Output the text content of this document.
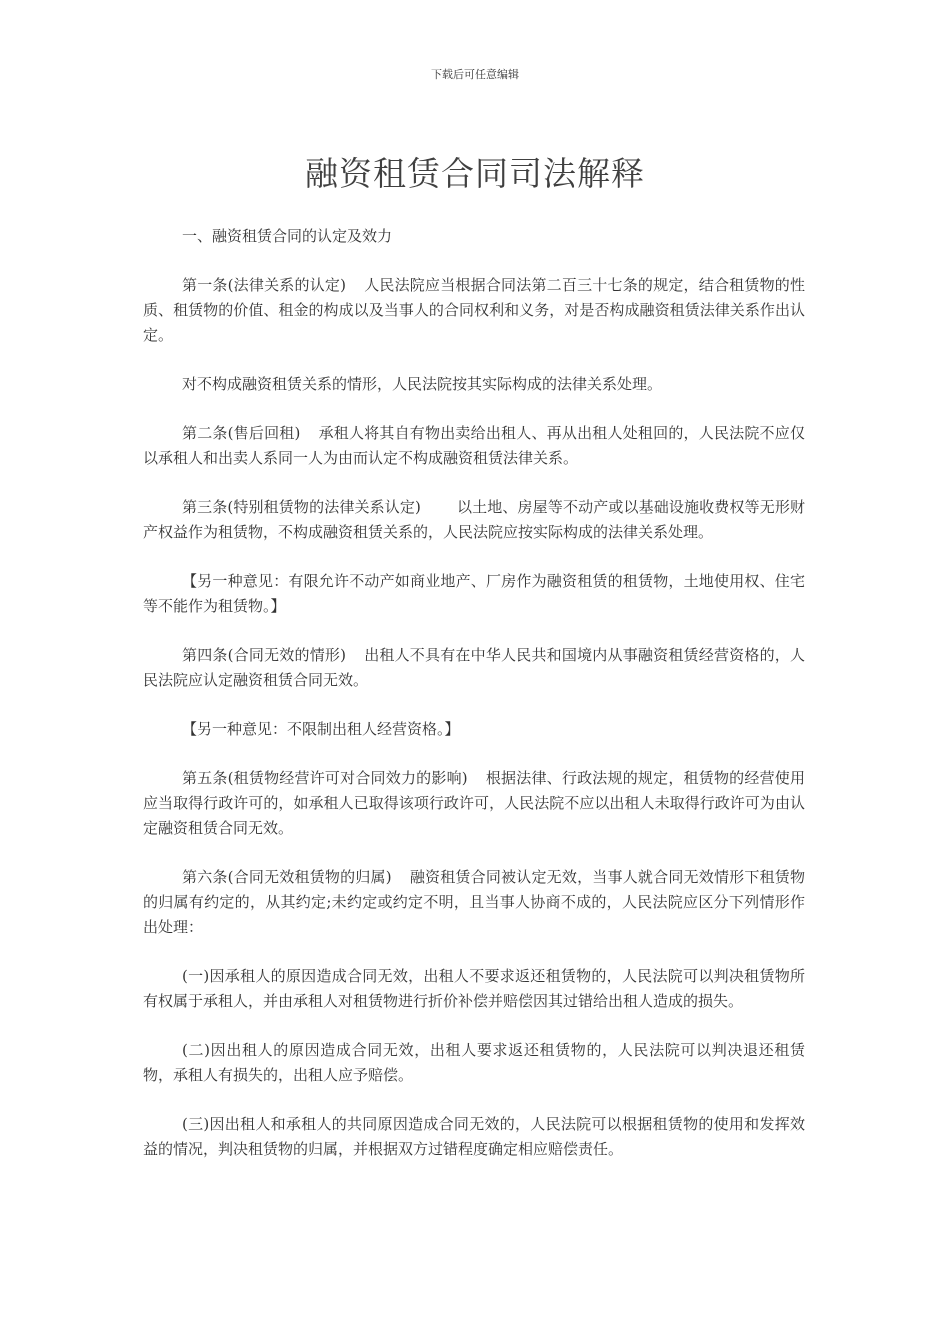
下载后可任意编辑
融资租赁合同司法解释

一、融资租赁合同的认定及效力

第一条(法律关系的认定) 人民法院应当根据合同法第二百三十七条的规定，结合租赁物的性质、租赁物的价值、租金的构成以及当事人的合同权利和义务，对是否构成融资租赁法律关系作出认定。

对不构成融资租赁关系的情形，人民法院按其实际构成的法律关系处理。

第二条(售后回租) 承租人将其自有物出卖给出租人、再从出租人处租回的，人民法院不应仅以承租人和出卖人系同一人为由而认定不构成融资租赁法律关系。

第三条(特别租赁物的法律关系认定) 以土地、房屋等不动产或以基础设施收费权等无形财产权益作为租赁物，不构成融资租赁关系的，人民法院应按实际构成的法律关系处理。

【另一种意见：有限允许不动产如商业地产、厂房作为融资租赁的租赁物，土地使用权、住宅等不能作为租赁物。】

第四条(合同无效的情形) 出租人不具有在中华人民共和国境内从事融资租赁经营资格的，人民法院应认定融资租赁合同无效。

【另一种意见：不限制出租人经营资格。】

第五条(租赁物经营许可对合同效力的影响) 根据法律、行政法规的规定，租赁物的经营使用应当取得行政许可的，如承租人已取得该项行政许可，人民法院不应以出租人未取得行政许可为由认定融资租赁合同无效。

第六条(合同无效租赁物的归属) 融资租赁合同被认定无效，当事人就合同无效情形下租赁物的归属有约定的，从其约定;未约定或约定不明，且当事人协商不成的，人民法院应区分下列情形作出处理：

(一)因承租人的原因造成合同无效，出租人不要求返还租赁物的，人民法院可以判决租赁物所有权属于承租人，并由承租人对租赁物进行折价补偿并赔偿因其过错给出租人造成的损失。

(二)因出租人的原因造成合同无效，出租人要求返还租赁物的，人民法院可以判决退还租赁物，承租人有损失的，出租人应予赔偿。

(三)因出租人和承租人的共同原因造成合同无效的，人民法院可以根据租赁物的使用和发挥效益的情况，判决租赁物的归属，并根据双方过错程度确定相应赔偿责任。
